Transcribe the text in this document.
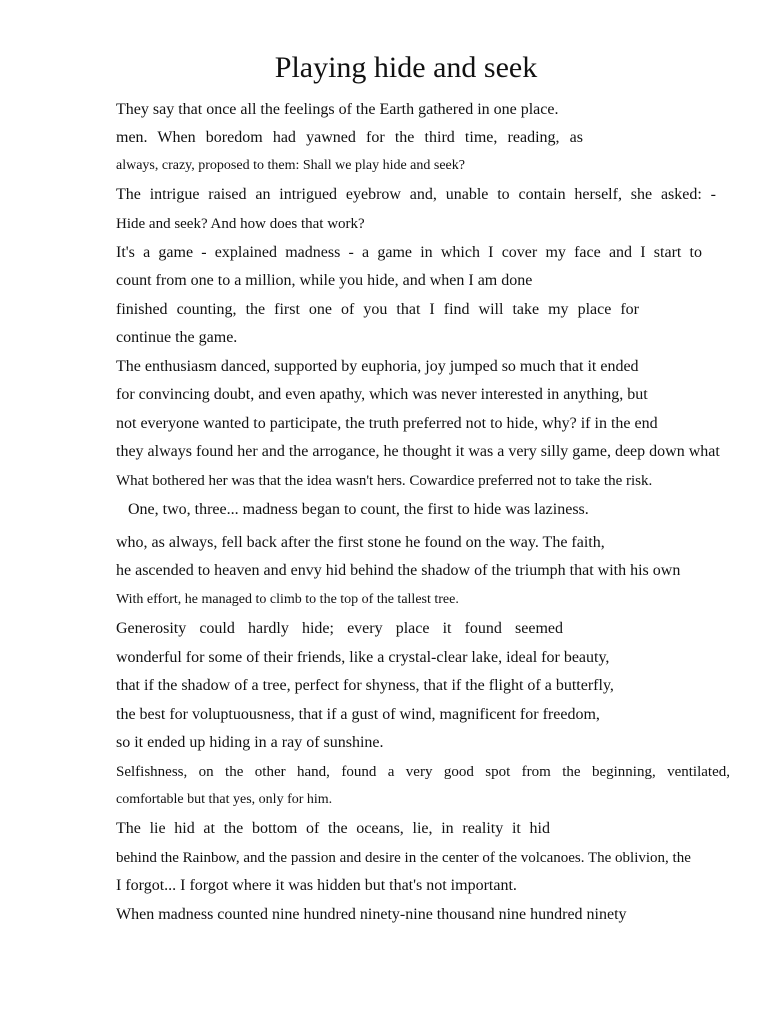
Playing hide and seek
They say that once all the feelings of the Earth gathered in one place.
men. When boredom had yawned for the third time, reading, as
always, crazy, proposed to them: Shall we play hide and seek?
The intrigue raised an intrigued eyebrow and, unable to contain herself, she asked: -
Hide and seek? And how does that work?
It's a game - explained madness - a game in which I cover my face and I start to
count from one to a million, while you hide, and when I am done
finished counting, the first one of you that I find will take my place for
continue the game.
The enthusiasm danced, supported by euphoria, joy jumped so much that it ended
for convincing doubt, and even apathy, which was never interested in anything, but
not everyone wanted to participate, the truth preferred not to hide, why? if in the end
they always found her and the arrogance, he thought it was a very silly game, deep down what
What bothered her was that the idea wasn't hers. Cowardice preferred not to take the risk.
One, two, three... madness began to count, the first to hide was laziness.
who, as always, fell back after the first stone he found on the way. The faith,
he ascended to heaven and envy hid behind the shadow of the triumph that with his own
With effort, he managed to climb to the top of the tallest tree.
Generosity could hardly hide; every place it found seemed
wonderful for some of their friends, like a crystal-clear lake, ideal for beauty,
that if the shadow of a tree, perfect for shyness, that if the flight of a butterfly,
the best for voluptuousness, that if a gust of wind, magnificent for freedom,
so it ended up hiding in a ray of sunshine.
Selfishness, on the other hand, found a very good spot from the beginning, ventilated,
comfortable but that yes, only for him.
The lie hid at the bottom of the oceans, lie, in reality it hid
behind the Rainbow, and the passion and desire in the center of the volcanoes. The oblivion, the
I forgot... I forgot where it was hidden but that's not important.
When madness counted nine hundred ninety-nine thousand nine hundred ninety
